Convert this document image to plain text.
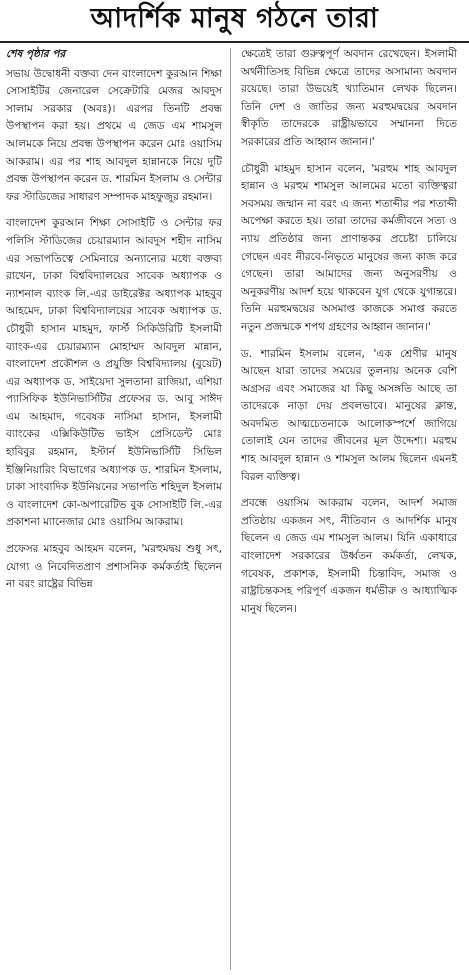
আদর্শিক মানুষ গঠনে তারা
শেষ পৃষ্ঠার পর

সভায় উদ্বোধনী বক্তব্য দেন বাংলাদেশ কুরআন শিক্ষা সোসাইটির জেনারেল সেক্রেটারি মেজর আবদুস সালাম সরকার (অবঃ)। এরপর তিনটি প্রবন্ধ উপস্থাপন করা হয়। প্রথমে এ জেড এম শামসুল আলমকে নিয়ে প্রবন্ধ উপস্থাপন করেন মোঃ ওয়াসিম আকরাম। এর পর শাহ আবদুল হান্নানকে নিয়ে দুটি প্রবন্ধ উপস্থাপন করেন ড. শারমিন ইসলাম ও সেন্টার ফর স্টাডিজের সাধারণ সম্পাদক মাহফুজুর রহমান।

বাংলাদেশ কুরআন শিক্ষা সোসাইটি ও সেন্টার ফর পলিসি স্টাডিজের চেয়ারম্যান আবদুস শহীদ নাসিম এর সভাপতিত্বে সেমিনারে অন্যান্যের মধ্যে বক্তব্য রাখেন, ঢাকা বিশ্ববিদ্যালয়ের সাবেক অধ্যাপক ও ন্যাশনাল ব্যাংক লি.-এর ডাইরেক্টর অধ্যাপক মাহবুব আহমেদ, ঢাকা বিশ্ববিদ্যালয়ের সাবেক অধ্যাপক ড. চৌধুরী হাসান মাহমুদ, ফার্স্ট সিকিউরিটি ইসলামী ব্যাংক-এর চেয়ারম্যান মোহাম্মদ আবদুল মান্নান, বাংলাদেশ প্রকৌশল ও প্রযুক্তি বিশ্ববিদ্যালয় (বুয়েট) এর অধ্যাপক ড. সাইয়েদা সুলতানা রাজিয়া, এশিয়া প্যাসিফিক ইউনিভার্সিটির প্রফেসর ড. আবু সাঈদ এম আহমাদ, গবেষক নাসিমা হাসান, ইসলামী ব্যাংকের এক্সিকিউটিভ ভাইস প্রেসিডেন্ট মোঃ হাবিবুর রহমান, ইস্টার্ন ইউনিভার্সিটি সিভিল ইঞ্জিনিয়ারিং বিভাগের অধ্যাপক ড. শারমিন ইসলাম, ঢাকা সাংবাদিক ইউনিয়নের সভাপতি শহিদুল ইসলাম ও বাংলাদেশ কো-অপারেটিভ বুক সোসাইটি লি.-এর প্রকাশনা ম্যানেজার মোঃ ওয়াসিম আকরাম।

প্রফেসর মাহবুব আহমদ বলেন, 'মরহুমদ্বয় শুধু সৎ, যোগ্য ও নিবেদিতপ্রাণ প্রশাসনিক কর্মকর্তাই ছিলেন না বরং রাষ্ট্রের বিভিন্ন

ক্ষেত্রেই তারা গুরুত্বপূর্ণ অবদান রেখেছেন। ইসলামী অর্থনীতিসহ বিভিন্ন ক্ষেত্রে তাদের অসামান্য অবদান রয়েছে। তারা উভয়েই খ্যাতিমান লেখক ছিলেন। তিনি দেশ ও জাতির জন্য মরহুমদ্বয়ের অবদান স্বীকৃতি তাদেরকে রাষ্ট্রীয়ভাবে সম্মাননা দিতে সরকারের প্রতি আহ্বান জানান।'

চৌধুরী মাহমুদ হাসান বলেন, 'মরহুম শাহ আবদুল হান্নান ও মরহুম শামসুল আলমের মতো ব্যক্তিত্বরা সবসময় জন্মান না বরং এ জন্য শতাব্দীর পর শতাব্দী অপেক্ষা করতে হয়। তারা তাদের কর্মজীবনে সত্য ও ন্যায় প্রতিষ্ঠার জন্য প্রাণান্তকর প্রচেষ্টা চালিয়ে গেছেন এবং নীরবে-নিভৃতে মানুষের জন্য কাজ করে গেছেন। তারা আমাদের জন্য অনুসরণীয় ও অনুকরণীয় আদর্শ হয়ে থাকবেন যুগ থেকে যুগান্তরে। তিনি মরহুমদ্বয়ের অসমাপ্ত কাজকে সমাপ্ত করতে নতুন প্রজন্মকে শপথ গ্রহণের আহ্বান জানান।'

ড. শারমিন ইসলাম বলেন, 'এক শ্রেণীর মানুষ আছেন যারা তাদের সময়ের তুলনায় অনেক বেশি অগ্রসর এবং সমাজের যা কিছু অসঙ্গতি আছে তা তাদেরকে নাড়া দেয় প্রবলভাবে। মানুষের ক্লান্ত, অবদমিত আত্মচেতনাকে আলোকস্পর্শে জাগিয়ে তোলাই যেন তাদের জীবনের মূল উদ্দেশ্য। মরহুম শাহ আবদুল হান্নান ও শামসুল আলম ছিলেন এমনই বিরল ব্যক্তিত্ব।

প্রবন্ধে ওয়াসিম আকরাম বলেন, আদর্শ সমাজ প্রতিষ্ঠায় একজন সৎ, নীতিবান ও আদর্শিক মানুষ ছিলেন এ জেড এম শামসুল আলম। যিনি একাধারে বাংলাদেশ সরকারের উর্ধ্বতন কর্মকর্তা, লেখক, গবেষক, প্রকাশক, ইসলামী চিন্তাবিদ, সমাজ ও রাষ্ট্রচিন্তকসহ পরিপূর্ণ একজন ধর্মভীরু ও আধ্যাত্মিক মানুষ ছিলেন।
